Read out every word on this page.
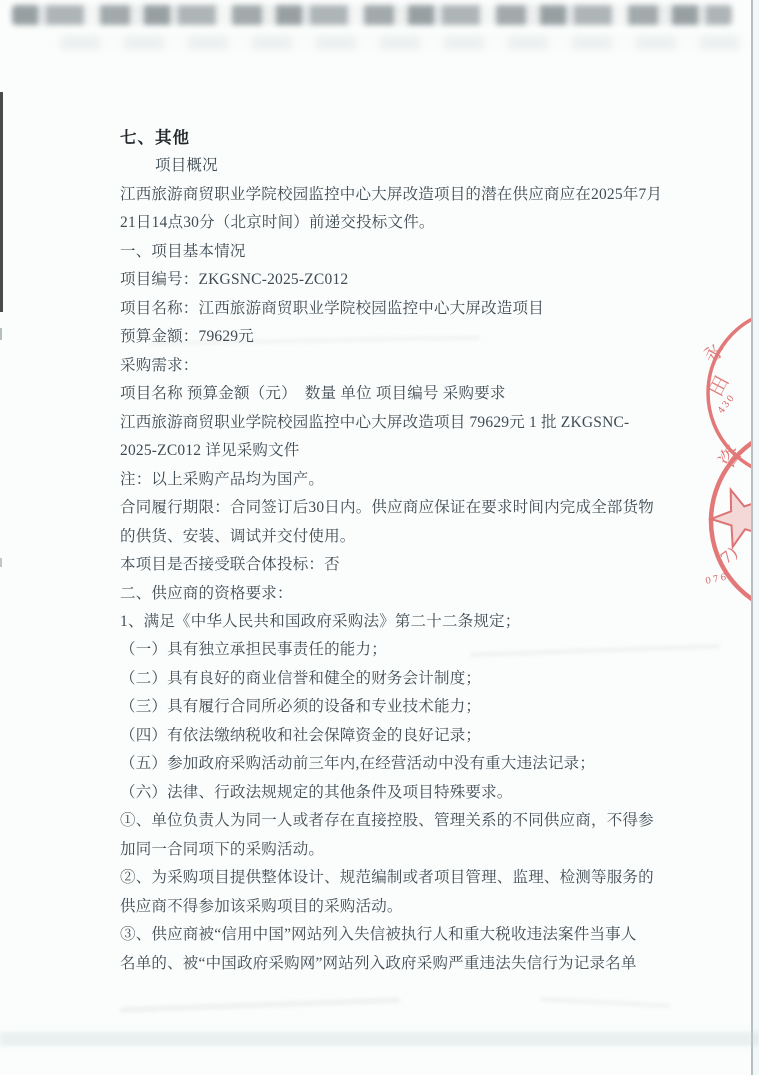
七、其他
项目概况
江西旅游商贸职业学院校园监控中心大屏改造项目的潜在供应商应在2025年7月
21日14点30分（北京时间）前递交投标文件。
一、项目基本情况
项目编号：ZKGSNC-2025-ZC012
项目名称：江西旅游商贸职业学院校园监控中心大屏改造项目
预算金额：79629元
采购需求：
项目名称 预算金额（元）  数量 单位 项目编号 采购要求
江西旅游商贸职业学院校园监控中心大屏改造项目 79629元 1 批 ZKGSNC-
2025-ZC012 详见采购文件
注：以上采购产品均为国产。
合同履行期限：合同签订后30日内。供应商应保证在要求时间内完成全部货物
的供货、安装、调试并交付使用。
本项目是否接受联合体投标：否
二、供应商的资格要求：
1、满足《中华人民共和国政府采购法》第二十二条规定；
（一）具有独立承担民事责任的能力；
（二）具有良好的商业信誉和健全的财务会计制度；
（三）具有履行合同所必须的设备和专业技术能力；
（四）有依法缴纳税收和社会保障资金的良好记录；
（五）参加政府采购活动前三年内,在经营活动中没有重大违法记录；
（六）法律、行政法规规定的其他条件及项目特殊要求。
①、单位负责人为同一人或者存在直接控股、管理关系的不同供应商，不得参
加同一合同项下的采购活动。
②、为采购项目提供整体设计、规范编制或者项目管理、监理、检测等服务的
供应商不得参加该采购项目的采购活动。
③、供应商被“信用中国”网站列入失信被执行人和重大税收违法案件当事人
名单的、被“中国政府采购网”网站列入政府采购严重违法失信行为记录名单
永
田
430
咨
7)
076
